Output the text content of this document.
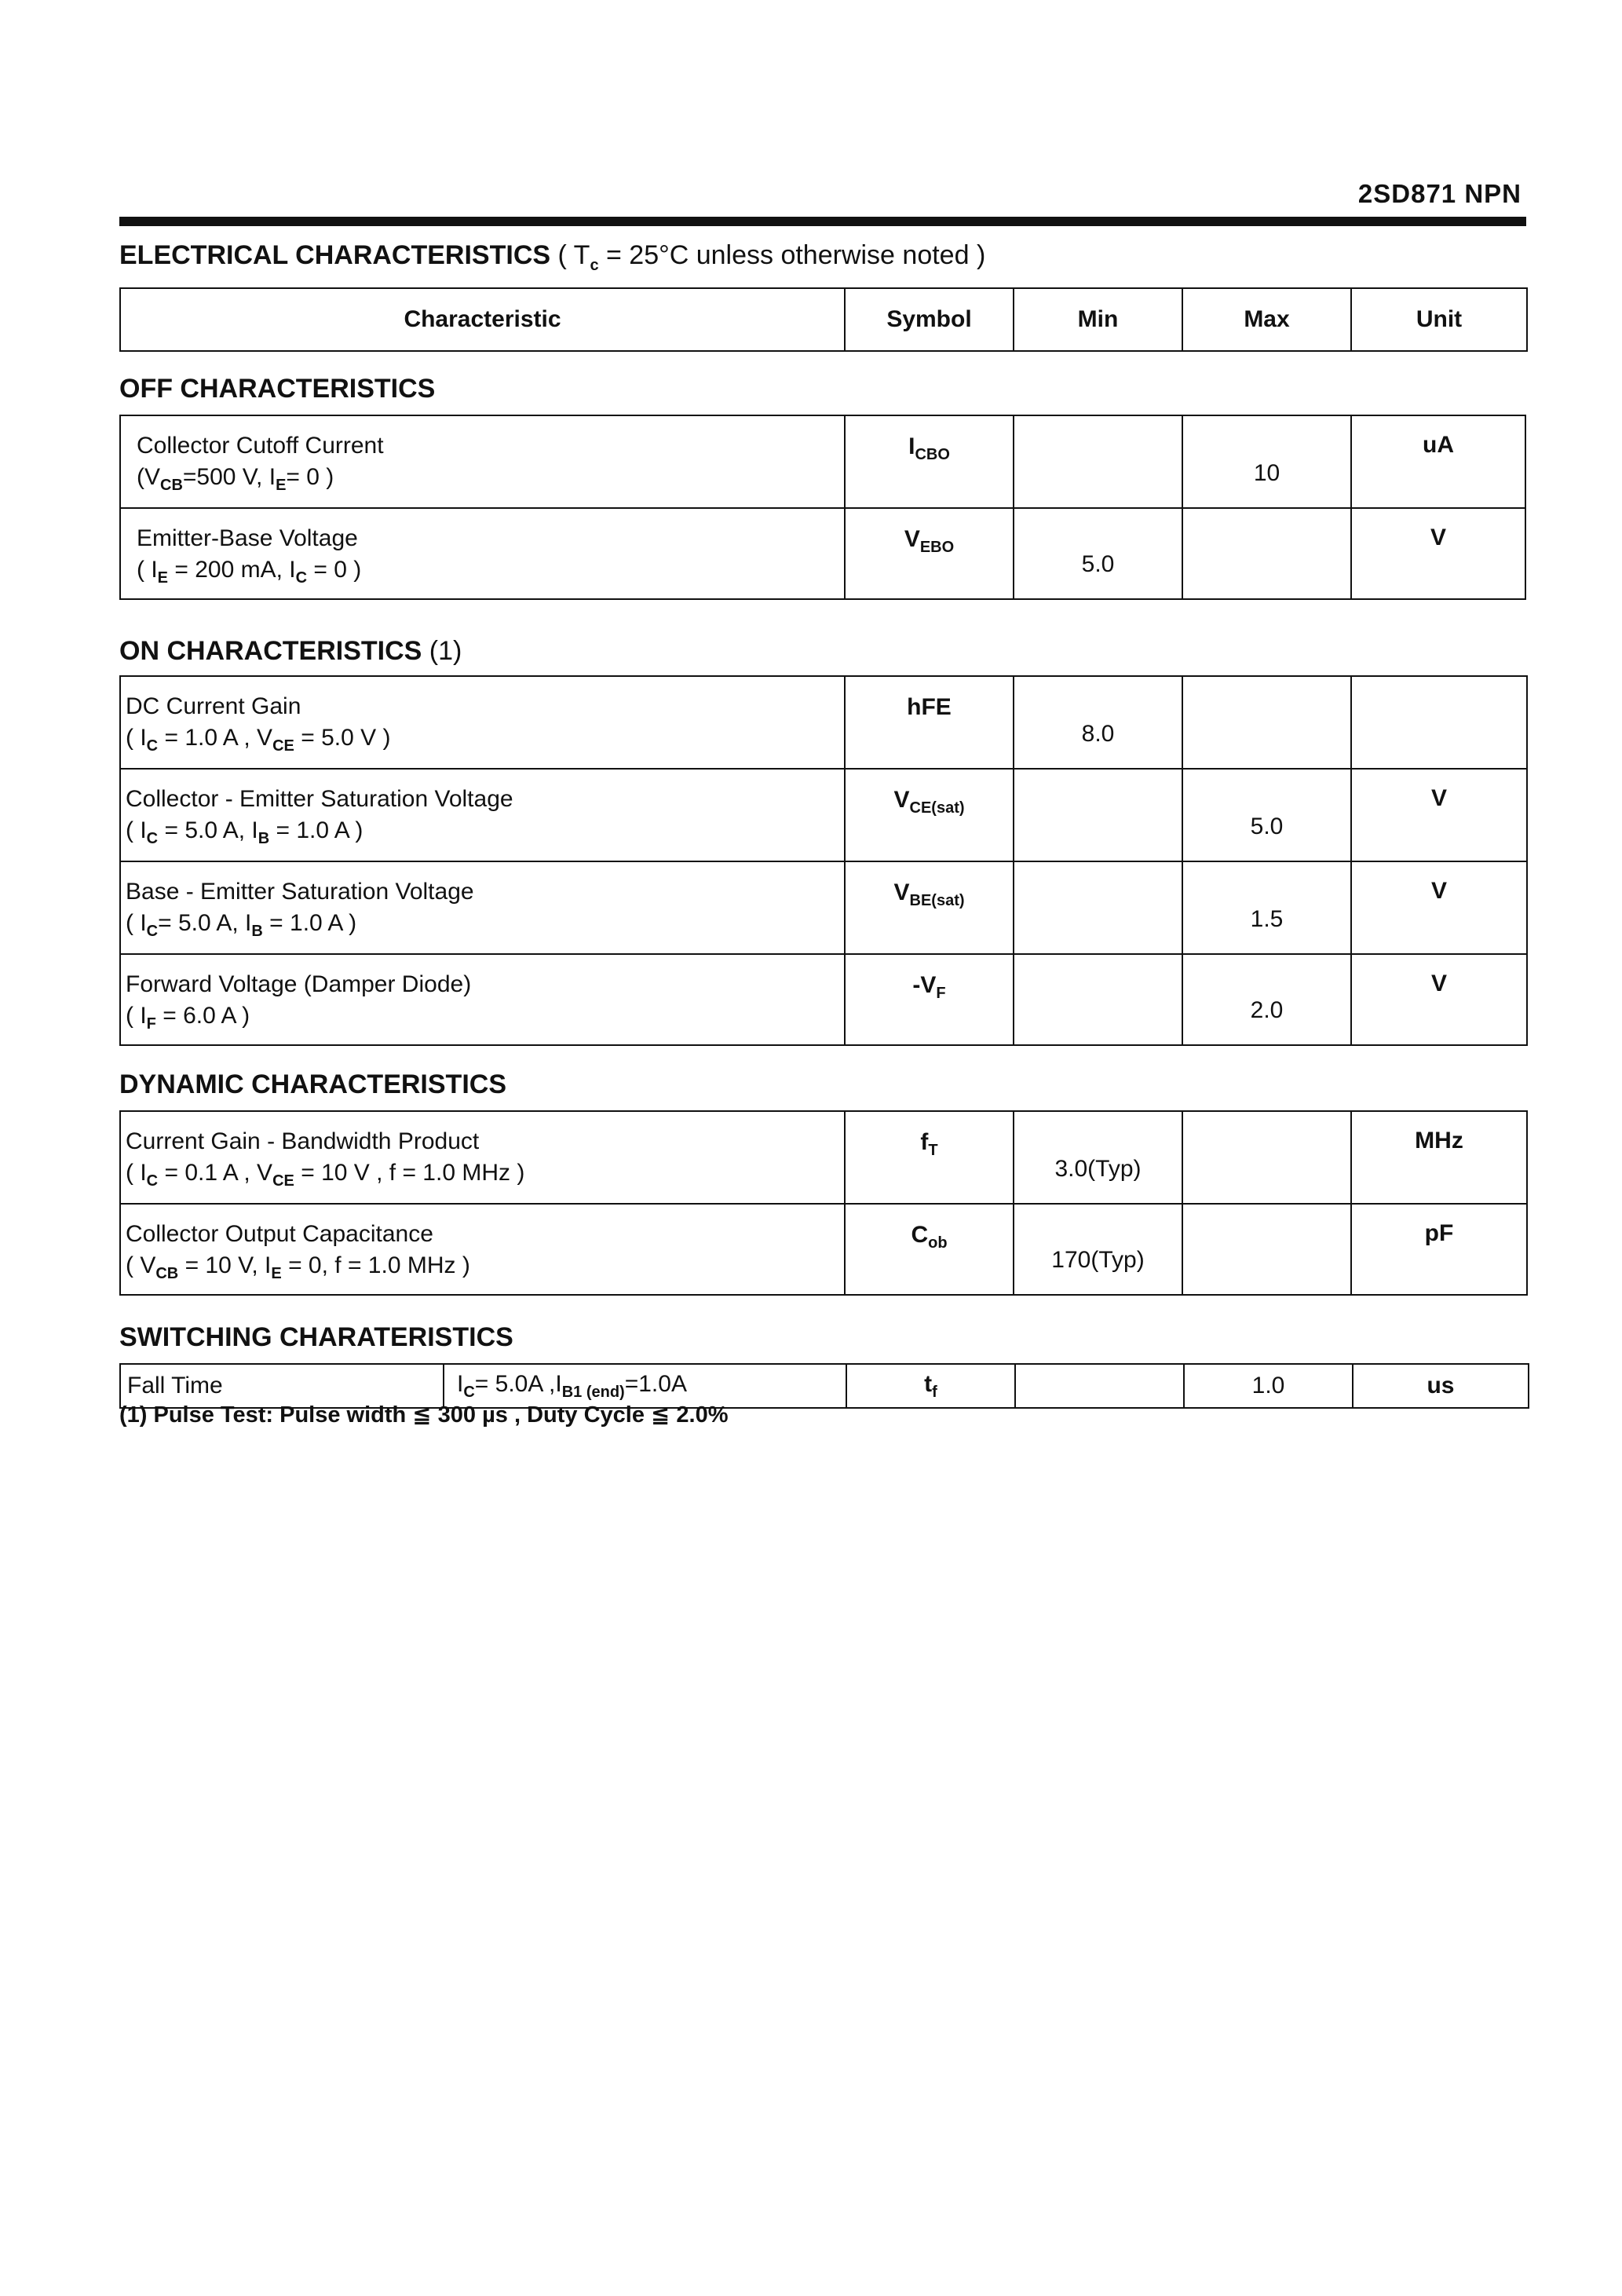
2SD871 NPN
ELECTRICAL CHARACTERISTICS ( $T_c = 25^\circ C$ unless otherwise noted )
Characteristic	Symbol	Min	Max	Unit
OFF CHARACTERISTICS
Collector Cutoff Current
($V_{CB}=500$ V, $I_E= 0$ )	$I_{CBO}$		10	uA

Emitter-Base Voltage
( $I_E = 200$ mA, $I_C = 0$ )	$V_{EBO}$	5.0		V
ON CHARACTERISTICS (1)
DC Current Gain
( $I_C = 1.0$ A , $V_{CE} = 5.0$ V )	hFE	8.0		

Collector - Emitter Saturation Voltage
( $I_C = 5.0$ A, $I_B = 1.0$ A )	$V_{CE(sat)}$		5.0	V

Base - Emitter Saturation Voltage
( $I_C= 5.0$ A, $I_B = 1.0$ A )	$V_{BE(sat)}$		1.5	V

Forward Voltage (Damper Diode)
( $I_F = 6.0$ A )	$-V_F$		2.0	V
DYNAMIC CHARACTERISTICS
Current Gain - Bandwidth Product
( $I_C = 0.1$ A , $V_{CE} = 10$ V , f = 1.0 MHz )	$f_T$	3.0(Typ)		MHz

Collector Output Capacitance
( $V_{CB} = 10$ V, $I_E = 0$, f = 1.0 MHz )	$C_{ob}$	170(Typ)		pF
SWITCHING CHARATERISTICS
Fall Time	$I_C= 5.0A$ $,I_{B1 (end)}=1.0A$	$t_f$		1.0	us
(1) Pulse Test: Pulse width ≦ 300 µs , Duty Cycle ≦ 2.0%
